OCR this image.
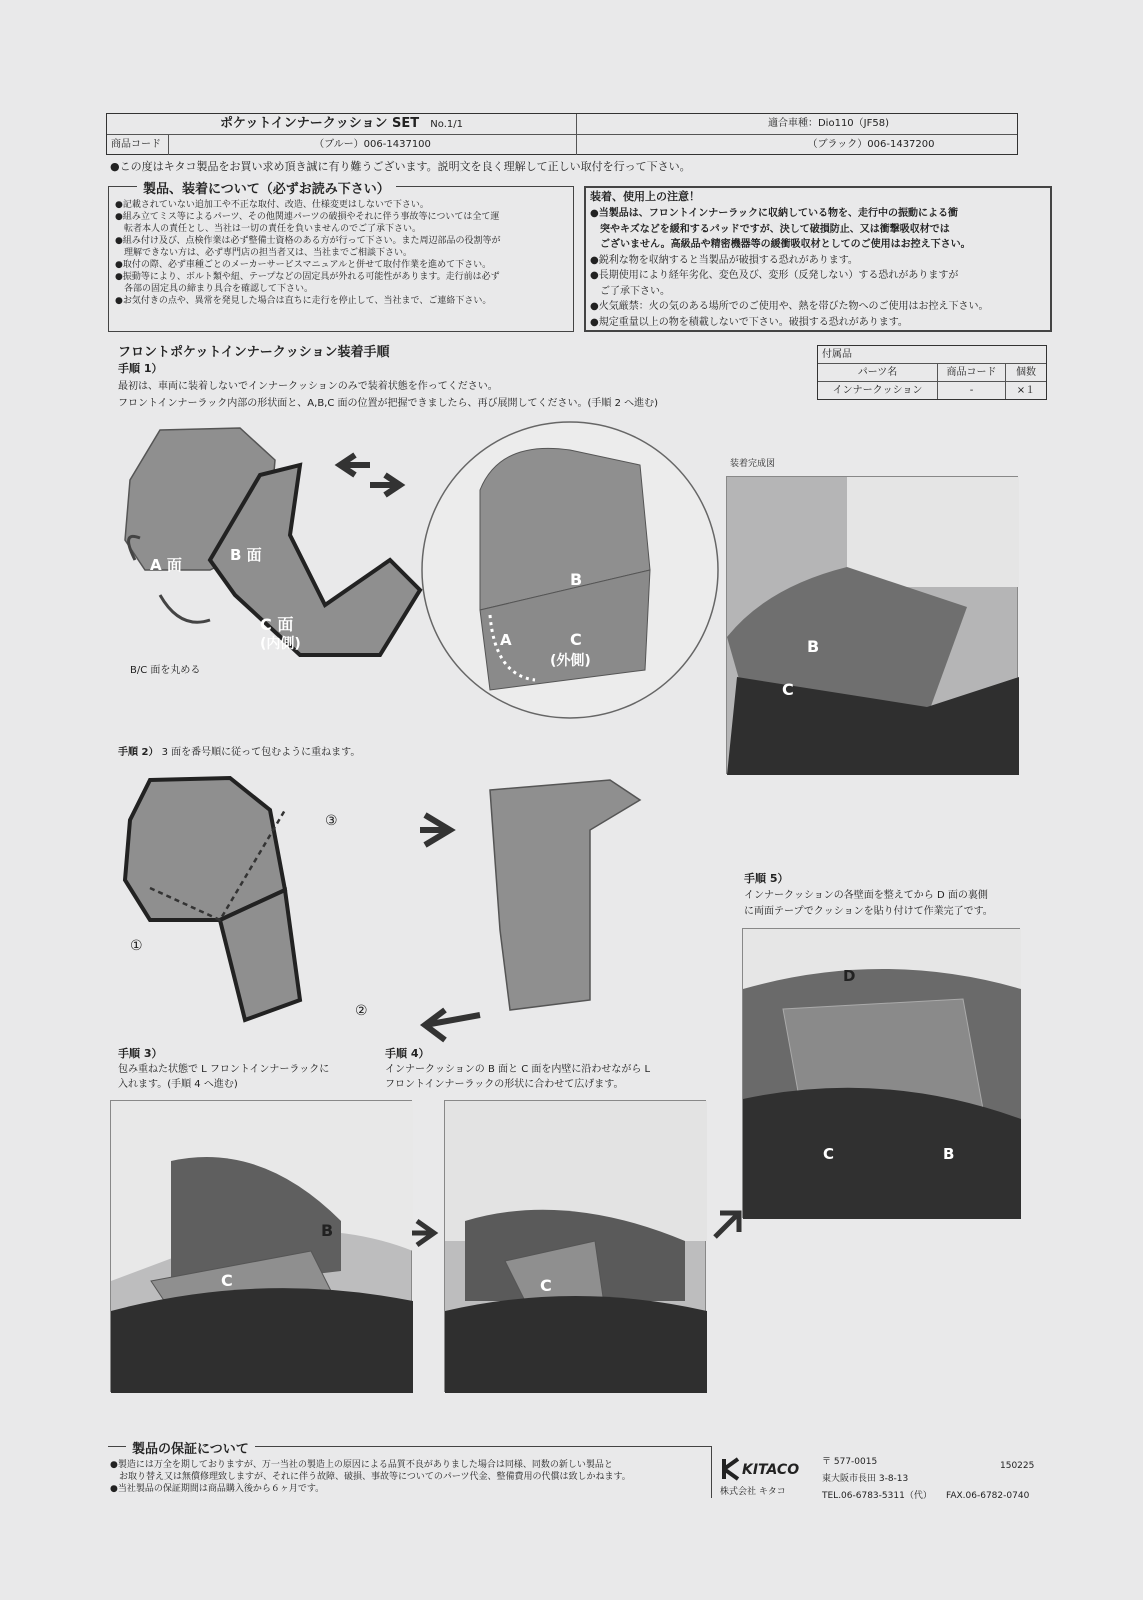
ポケットインナークッション SET No.1/1	適合車種：Dio110（JF58)
商品コード	（ブルー）006-1437100	（ブラック）006-1437200
●この度はキタコ製品をお買い求め頂き誠に有り難うございます。説明文を良く理解して正しい取付を行って下さい。
製品、装着について（必ずお読み下さい）
●記載されていない追加工や不正な取付、改造、仕様変更はしないで下さい。
●組み立てミス等によるパーツ、その他関連パーツの破損やそれに伴う事故等については全て運
　転者本人の責任とし、当社は一切の責任を負いませんのでご了承下さい。
●組み付け及び、点検作業は必ず整備士資格のある方が行って下さい。また周辺部品の役割等が
　理解できない方は、必ず専門店の担当者又は、当社までご相談下さい。
●取付の際、必ず車種ごとのメーカーサービスマニュアルと併せて取付作業を進めて下さい。
●振動等により、ボルト類や紐、テープなどの固定具が外れる可能性があります。走行前は必ず
　各部の固定具の締まり具合を確認して下さい。
●お気付きの点や、異常を発見した場合は直ちに走行を停止して、当社まで、ご連絡下さい。
装着、使用上の注意！
●当製品は、フロントインナーラックに収納している物を、走行中の振動による衝
　突やキズなどを緩和するパッドですが、決して破損防止、又は衝撃吸収材では
　ございません。高級品や精密機器等の緩衝吸収材としてのご使用はお控え下さい。
●鋭利な物を収納すると当製品が破損する恐れがあります。
●長期使用により経年劣化、変色及び、変形（反発しない）する恐れがありますが
　ご了承下さい。
●火気厳禁：火の気のある場所でのご使用や、熱を帯びた物へのご使用はお控え下さい。
●規定重量以上の物を積載しないで下さい。破損する恐れがあります。
フロントポケットインナークッション装着手順
手順 1）
最初は、車両に装着しないでインナークッションのみで装着状態を作ってください。
フロントインナーラック内部の形状面と、A,B,C 面の位置が把握できましたら、再び展開してください。(手順 2 へ進む)
付属品
パーツ名	商品コード	個数
インナークッション	-	×１
A 面
B 面
C 面
(内側)
B/C 面を丸める
B
A	C
(外側)
装着完成図
B
C
手順 2） 3 面を番号順に従って包むように重ねます。
③
①
②
手順 3）
包み重ねた状態で L フロントインナーラックに
入れます。(手順 4 へ進む)
手順 4）
インナークッションの B 面と C 面を内壁に沿わせながら L
フロントインナーラックの形状に合わせて広げます。
C
B
C
手順 5）
インナークッションの各壁面を整えてから D 面の裏側
に両面テープでクッションを貼り付けて作業完了です。
D
C	B
製品の保証について
●製造には万全を期しておりますが、万一当社の製造上の原因による品質不良がありました場合は同様、同数の新しい製品と
　お取り替え又は無償修理致しますが、それに伴う故障、破損、事故等についてのパーツ代金、整備費用の代償は致しかねます。
●当社製品の保証期間は商品購入後から６ヶ月です。
KITACO
株式会社 キタコ
〒 577-0015
東大阪市長田 3-8-13
TEL.06-6783-5311（代） FAX.06-6782-0740
150225
